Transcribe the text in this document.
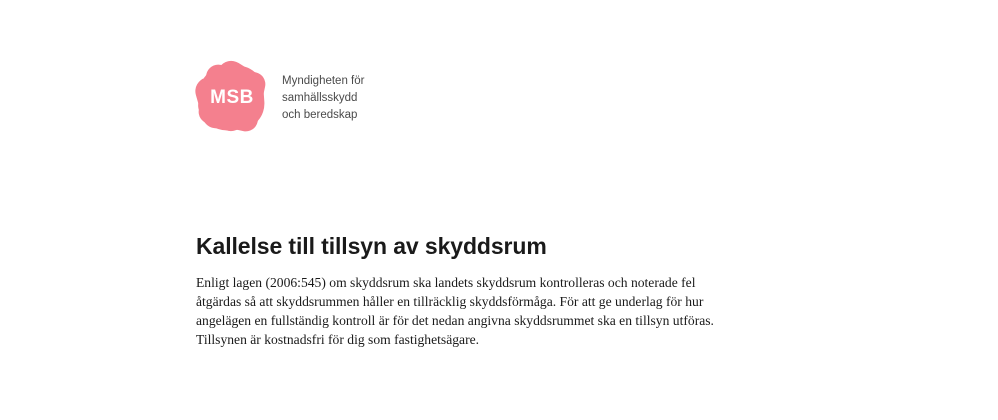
MSB
Myndigheten för
samhällsskydd
och beredskap
Kallelse till tillsyn av skyddsrum

Enligt lagen (2006:545) om skyddsrum ska landets skyddsrum kontrolleras och noterade fel åtgärdas så att skyddsrummen håller en tillräcklig skyddsförmåga. För att ge underlag för hur angelägen en fullständig kontroll är för det nedan angivna skyddsrummet ska en tillsyn utföras. Tillsynen är kostnadsfri för dig som fastighetsägare.
